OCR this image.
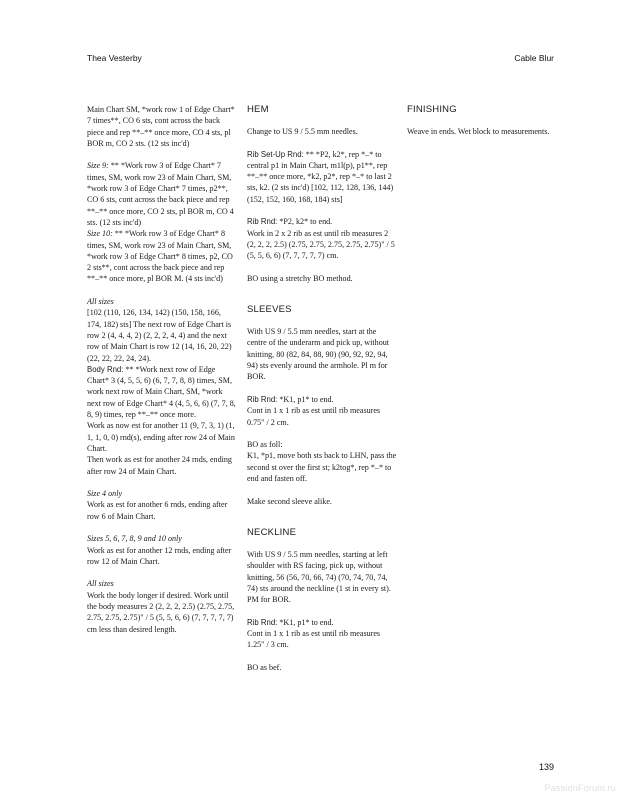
Thea Vesterby	Cable Blur

Main Chart SM, *work row 1 of Edge Chart* 7 times**, CO 6 sts, cont across the back piece and rep **–** once more, CO 4 sts, pl BOR m, CO 2 sts. (12 sts inc'd)

Size 9: ** *Work row 3 of Edge Chart* 7 times, SM, work row 23 of Main Chart, SM, *work row 3 of Edge Chart* 7 times, p2**, CO 6 sts, cont across the back piece and rep **–** once more, CO 2 sts, pl BOR m, CO 4 sts. (12 sts inc'd)

Size 10: ** *Work row 3 of Edge Chart* 8 times, SM, work row 23 of Main Chart, SM, *work row 3 of Edge Chart* 8 times, p2, CO 2 sts**, cont across the back piece and rep **–** once more, pl BOR M. (4 sts inc'd)

All sizes

[102 (110, 126, 134, 142) (150, 158, 166, 174, 182) sts] The next row of Edge Chart is row 2 (4, 4, 4, 2) (2, 2, 2, 4, 4) and the next row of Main Chart is row 12 (14, 16, 20, 22) (22, 22, 22, 24, 24).

Body Rnd: ** *Work next row of Edge Chart* 3 (4, 5, 5, 6) (6, 7, 7, 8, 8) times, SM, work next row of Main Chart, SM, *work next row of Edge Chart* 4 (4, 5, 6, 6) (7, 7, 8, 8, 9) times, rep **–** once more.

Work as now est for another 11 (9, 7, 3, 1) (1, 1, 1, 0, 0) rnd(s), ending after row 24 of Main Chart.

Then work as est for another 24 rnds, ending after row 24 of Main Chart.

Size 4 only

Work as est for another 6 rnds, ending after row 6 of Main Chart.

Sizes 5, 6, 7, 8, 9 and 10 only

Work as est for another 12 rnds, ending after row 12 of Main Chart.

All sizes

Work the body longer if desired. Work until the body measures 2 (2, 2, 2, 2.5) (2.75, 2.75, 2.75, 2.75, 2.75)" / 5 (5, 5, 6, 6) (7, 7, 7, 7, 7) cm less than desired length.

HEM

Change to US 9 / 5.5 mm needles.

Rib Set-Up Rnd: ** *P2, k2*, rep *–* to central p1 in Main Chart, m1l(p), p1**, rep **–** once more, *k2, p2*, rep *–* to last 2 sts, k2. (2 sts inc'd) [102, 112, 128, 136, 144) (152, 152, 160, 168, 184) sts]

Rib Rnd: *P2, k2* to end.

Work in 2 x 2 rib as est until rib measures 2 (2, 2, 2, 2.5) (2.75, 2.75, 2.75, 2.75, 2.75)" / 5 (5, 5, 6, 6) (7, 7, 7, 7, 7) cm.

BO using a stretchy BO method.

SLEEVES

With US 9 / 5.5 mm needles, start at the centre of the underarm and pick up, without knitting, 80 (82, 84, 88, 90) (90, 92, 92, 94, 94) sts evenly around the armhole. Pl m for BOR.

Rib Rnd: *K1, p1* to end.

Cont in 1 x 1 rib as est until rib measures 0.75" / 2 cm.

BO as foll:

K1, *p1, move both sts back to LHN, pass the second st over the first st; k2tog*, rep *–* to end and fasten off.

Make second sleeve alike.

NECKLINE

With US 9 / 5.5 mm needles, starting at left shoulder with RS facing, pick up, without knitting, 56 (56, 70, 66, 74) (70, 74, 70, 74, 74) sts around the neckline (1 st in every st). PM for BOR.

Rib Rnd: *K1, p1* to end.

Cont in 1 x 1 rib as est until rib measures 1.25" / 3 cm.

BO as bef.

FINISHING

Weave in ends. Wet block to measurements.

139
PassionForum.ru
